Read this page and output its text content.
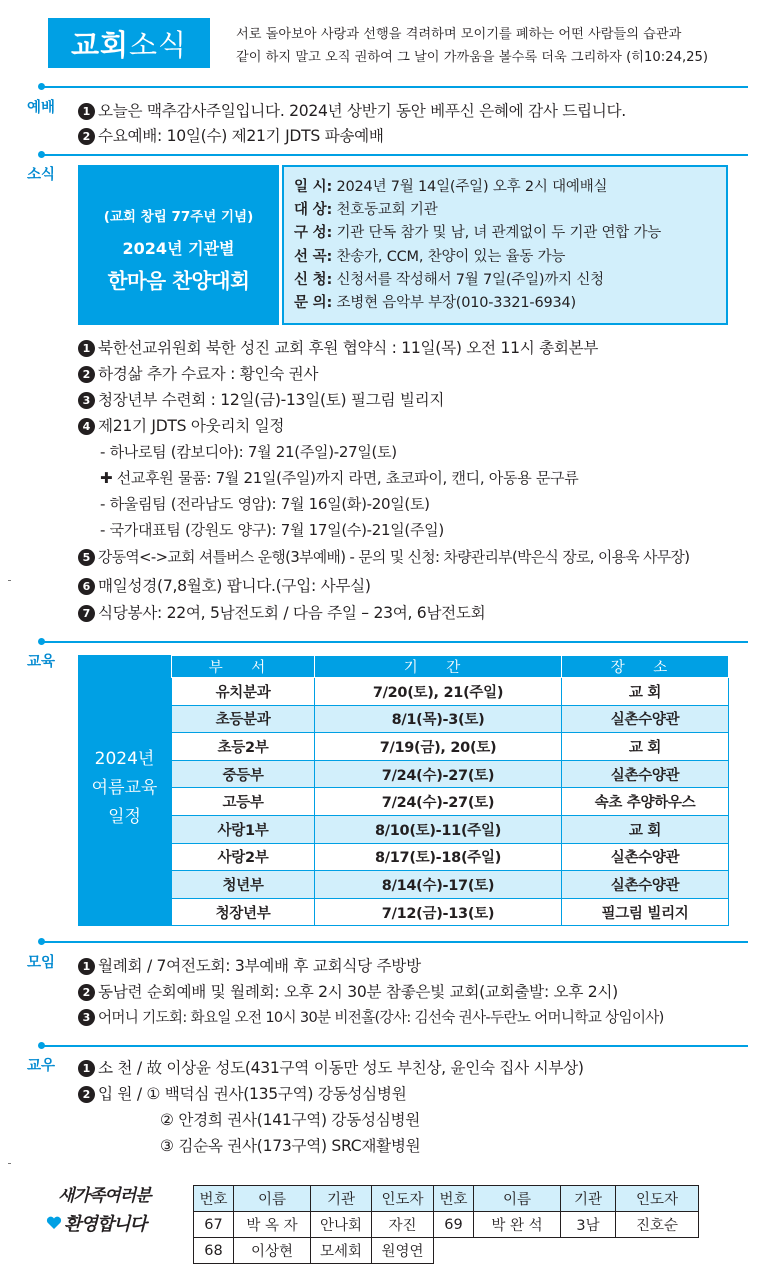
교회 소식	서로 돌아보아 사랑과 선행을 격려하며 모이기를 폐하는 어떤 사람들의 습관과
같이 하지 말고 오직 권하여 그 날이 가까움을 볼수록 더욱 그리하자 (히10:24,25)
예배	1 오늘은 맥추감사주일입니다. 2024년 상반기 동안 베푸신 은혜에 감사 드립니다.
2 수요예배: 10일(수) 제21기 JDTS 파송예배
소식
(교회 창립 77주년 기념)
2024년 기관별
한마음 찬양대회
일 시: 2024년 7월 14일(주일) 오후 2시 대예배실
대 상: 천호동교회 기관
구 성: 기관 단독 참가 및 남, 녀 관계없이 두 기관 연합 가능
선 곡: 찬송가, CCM, 찬양이 있는 율동 가능
신 청: 신청서를 작성해서 7월 7일(주일)까지 신청
문 의: 조병현 음악부 부장(010-3321-6934)
1 북한선교위원회 북한 성진 교회 후원 협약식 : 11일(목) 오전 11시 총회본부
2 하경삶 추가 수료자 : 황인숙 권사
3 청장년부 수련회 : 12일(금)-13일(토) 필그림 빌리지
4 제21기 JDTS 아웃리치 일정
- 하나로팀 (캄보디아): 7월 21(주일)-27일(토)
✚ 선교후원 물품: 7월 21일(주일)까지 라면, 쵸코파이, 캔디, 아동용 문구류
- 하울림팀 (전라남도 영암): 7월 16일(화)-20일(토)
- 국가대표팀 (강원도 양구): 7월 17일(수)-21일(주일)
5 강동역<->교회 셔틀버스 운행(3부예배) - 문의 및 신청: 차량관리부(박은식 장로, 이용욱 사무장)
6 매일성경(7,8월호) 팝니다.(구입: 사무실)
7 식당봉사: 22여, 5남전도회 / 다음 주일 – 23여, 6남전도회
교육
2024년
여름교육
일정
부 서	기 간	장 소
유치분과	7/20(토), 21(주일)	교 회
초등분과	8/1(목)-3(토)	실촌수양관
초등2부	7/19(금), 20(토)	교 회
중등부	7/24(수)-27(토)	실촌수양관
고등부	7/24(수)-27(토)	속초 추양하우스
사랑1부	8/10(토)-11(주일)	교 회
사랑2부	8/17(토)-18(주일)	실촌수양관
청년부	8/14(수)-17(토)	실촌수양관
청장년부	7/12(금)-13(토)	필그림 빌리지
모임	1 월례회 / 7여전도회: 3부예배 후 교회식당 주방방
2 동남련 순회예배 및 월례회: 오후 2시 30분 참좋은빛 교회(교회출발: 오후 2시)
3 어머니 기도회: 화요일 오전 10시 30분 비전홀(강사: 김선숙 권사-두란노 어머니학교 상임이사)
교우	1 소 천 / 故 이상윤 성도(431구역 이동만 성도 부친상, 윤인숙 집사 시부상)
2 입 원 / ① 백덕심 권사(135구역) 강동성심병원
② 안경희 권사(141구역) 강동성심병원
③ 김순옥 권사(173구역) SRC재활병원
새가족여러분
환영합니다
번호	이름	기관	인도자	번호	이름	기관	인도자
67	박 옥 자	안나회	자진	69	박 완 석	3남	진호순
68	이상현	모세회	원영연				
